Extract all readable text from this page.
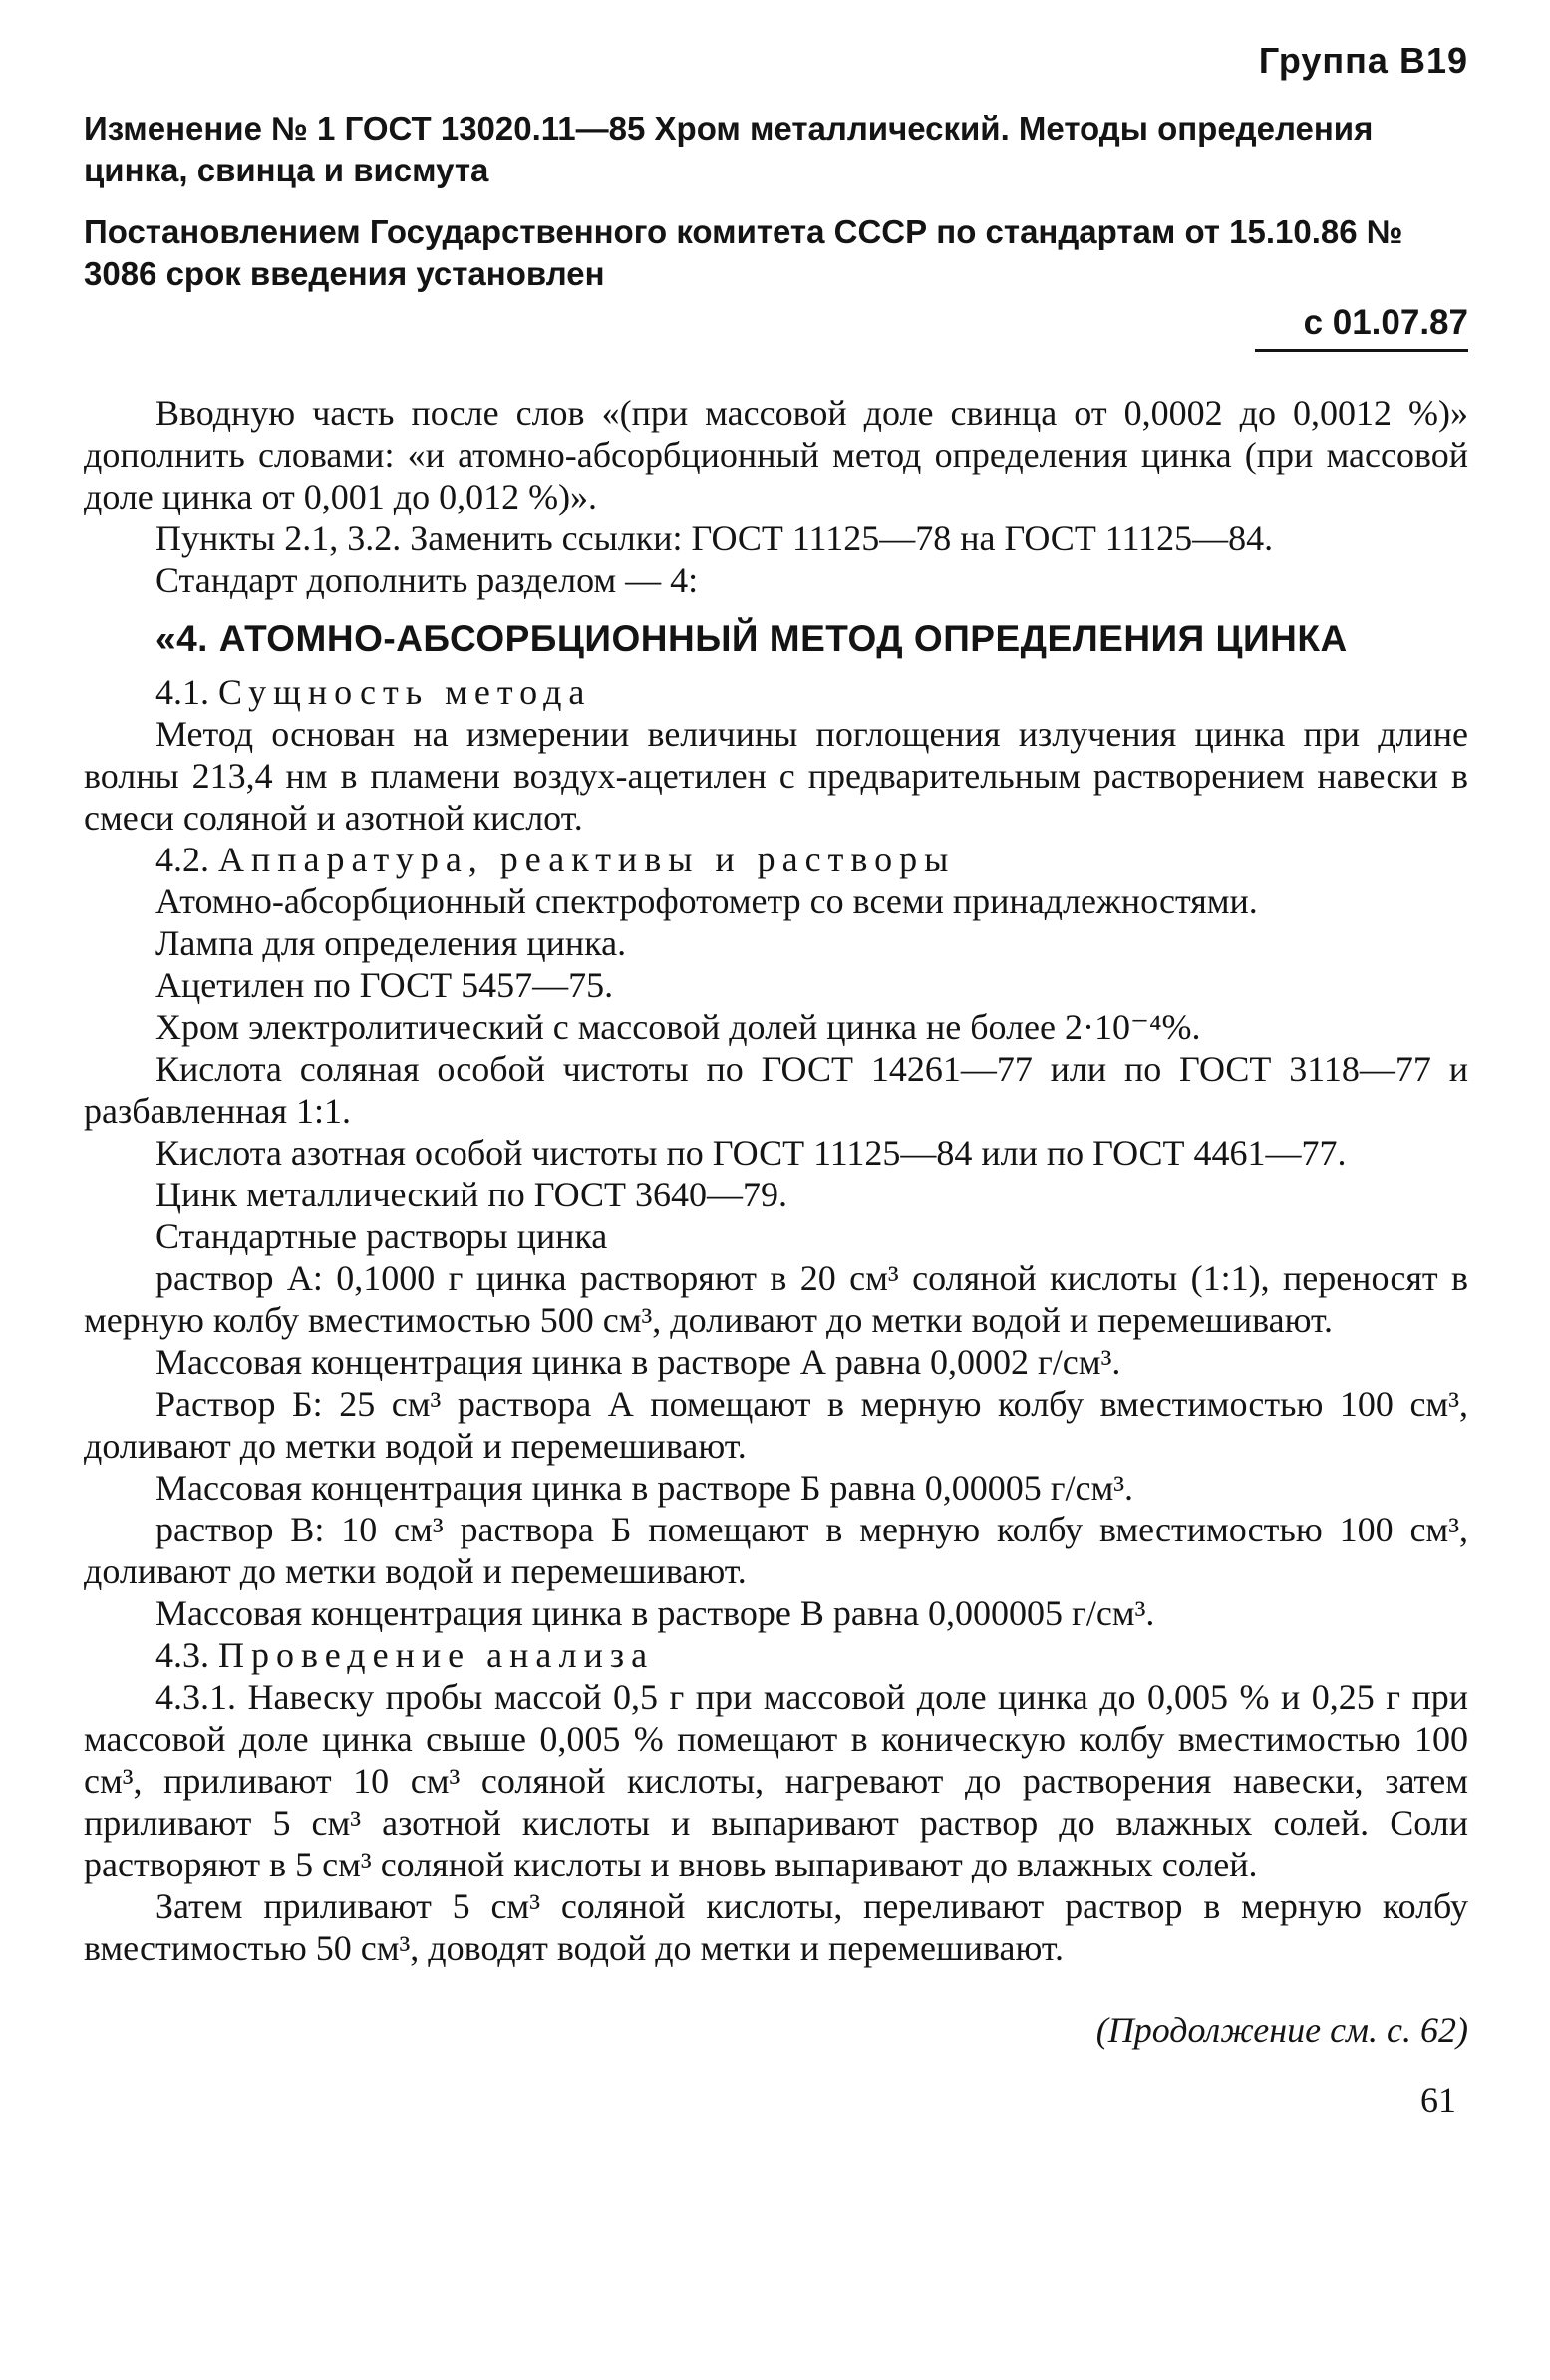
Группа В19
Изменение № 1 ГОСТ 13020.11—85 Хром металлический. Методы определения цинка, свинца и висмута
Постановлением Государственного комитета СССР по стандартам от 15.10.86 № 3086 срок введения установлен
с 01.07.87

Вводную часть после слов «(при массовой доле свинца от 0,0002 до 0,0012 %)» дополнить словами: «и атомно-абсорбционный метод определения цинка (при массовой доле цинка от 0,001 до 0,012 %)».

Пункты 2.1, 3.2. Заменить ссылки: ГОСТ 11125—78 на ГОСТ 11125—84.

Стандарт дополнить разделом — 4:

«4. АТОМНО-АБСОРБЦИОННЫЙ МЕТОД ОПРЕДЕЛЕНИЯ ЦИНКА

4.1. Сущность метода

Метод основан на измерении величины поглощения излучения цинка при длине волны 213,4 нм в пламени воздух-ацетилен с предварительным растворением навески в смеси соляной и азотной кислот.

4.2. Аппаратура, реактивы и растворы

Атомно-абсорбционный спектрофотометр со всеми принадлежностями.

Лампа для определения цинка.

Ацетилен по ГОСТ 5457—75.

Хром электролитический с массовой долей цинка не более 2·10⁻⁴%.

Кислота соляная особой чистоты по ГОСТ 14261—77 или по ГОСТ 3118—77 и разбавленная 1:1.

Кислота азотная особой чистоты по ГОСТ 11125—84 или по ГОСТ 4461—77.

Цинк металлический по ГОСТ 3640—79.

Стандартные растворы цинка

раствор А: 0,1000 г цинка растворяют в 20 см³ соляной кислоты (1:1), переносят в мерную колбу вместимостью 500 см³, доливают до метки водой и перемешивают.

Массовая концентрация цинка в растворе А равна 0,0002 г/см³.

Раствор Б: 25 см³ раствора А помещают в мерную колбу вместимостью 100 см³, доливают до метки водой и перемешивают.

Массовая концентрация цинка в растворе Б равна 0,00005 г/см³.

раствор В: 10 см³ раствора Б помещают в мерную колбу вместимостью 100 см³, доливают до метки водой и перемешивают.

Массовая концентрация цинка в растворе В равна 0,000005 г/см³.

4.3. Проведение анализа

4.3.1. Навеску пробы массой 0,5 г при массовой доле цинка до 0,005 % и 0,25 г при массовой доле цинка свыше 0,005 % помещают в коническую колбу вместимостью 100 см³, приливают 10 см³ соляной кислоты, нагревают до растворения навески, затем приливают 5 см³ азотной кислоты и выпаривают раствор до влажных солей. Соли растворяют в 5 см³ соляной кислоты и вновь выпаривают до влажных солей.

Затем приливают 5 см³ соляной кислоты, переливают раствор в мерную колбу вместимостью 50 см³, доводят водой до метки и перемешивают.

(Продолжение см. с. 62)
61
